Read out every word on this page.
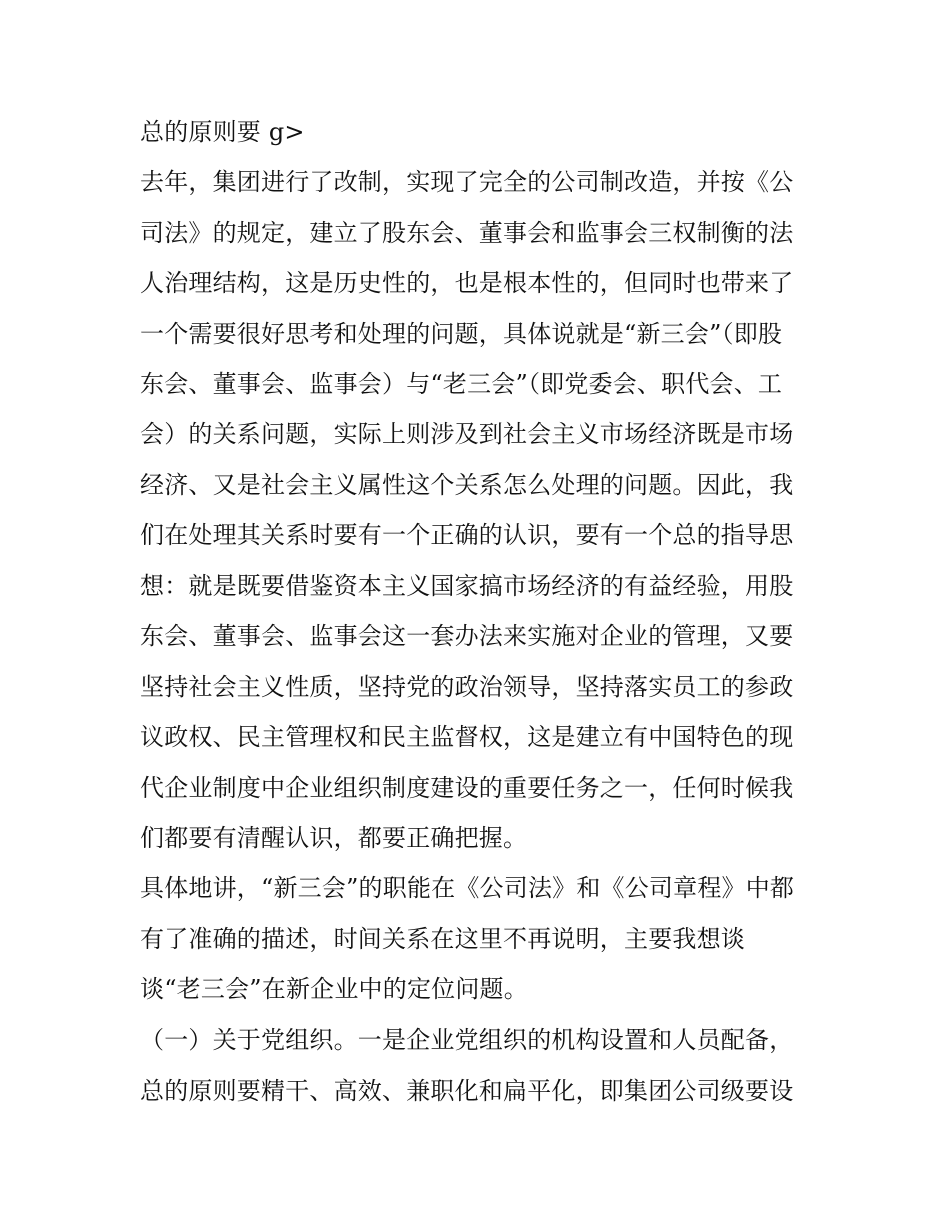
总的原则要 g>
去年，集团进行了改制，实现了完全的公司制改造，并按《公
司法》的规定，建立了股东会、董事会和监事会三权制衡的法
人治理结构，这是历史性的，也是根本性的，但同时也带来了
一个需要很好思考和处理的问题，具体说就是“新三会”（即股
东会、董事会、监事会）与“老三会”（即党委会、职代会、工
会）的关系问题，实际上则涉及到社会主义市场经济既是市场
经济、又是社会主义属性这个关系怎么处理的问题。因此，我
们在处理其关系时要有一个正确的认识，要有一个总的指导思
想：就是既要借鉴资本主义国家搞市场经济的有益经验，用股
东会、董事会、监事会这一套办法来实施对企业的管理，又要
坚持社会主义性质，坚持党的政治领导，坚持落实员工的参政
议政权、民主管理权和民主监督权，这是建立有中国特色的现
代企业制度中企业组织制度建设的重要任务之一，任何时候我
们都要有清醒认识，都要正确把握。
具体地讲，“新三会”的职能在《公司法》和《公司章程》中都
有了准确的描述，时间关系在这里不再说明，主要我想谈
谈“老三会”在新企业中的定位问题。
（一）关于党组织。一是企业党组织的机构设置和人员配备，
总的原则要精干、高效、兼职化和扁平化，即集团公司级要设
